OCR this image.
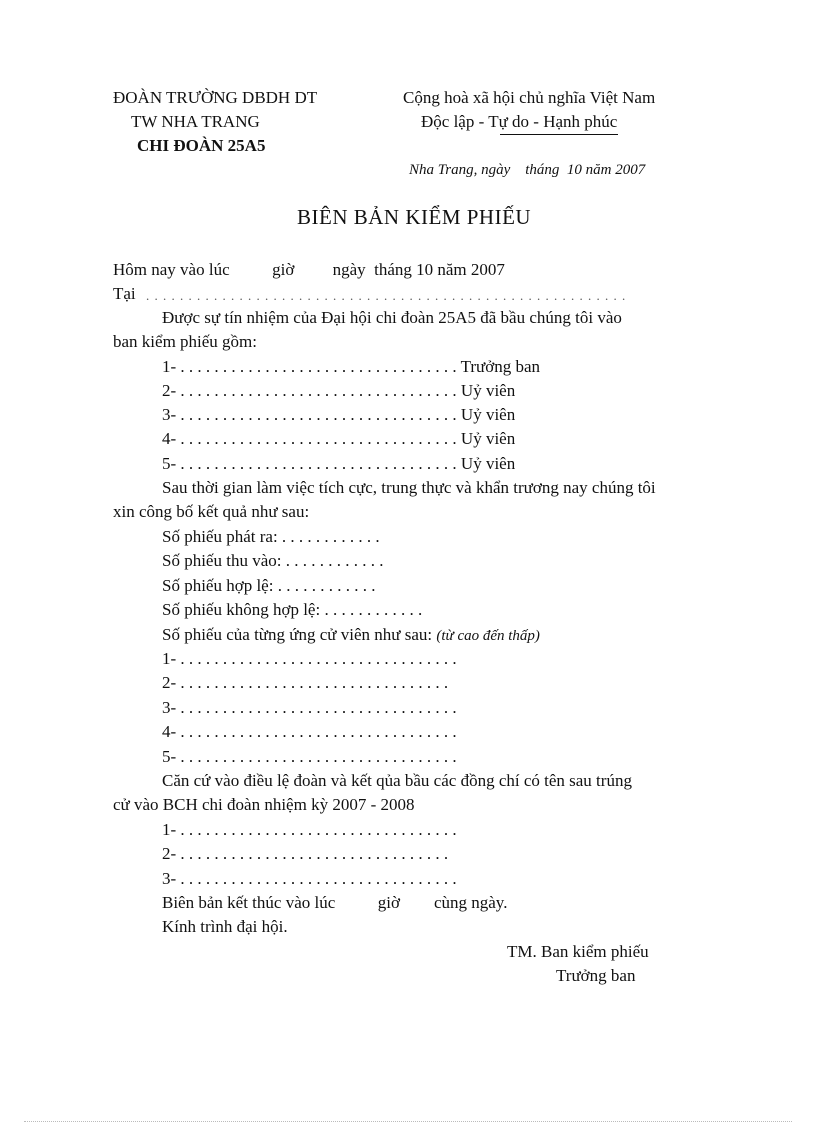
ĐOÀN TRƯỜNG DBDH DT
TW NHA TRANG
CHI ĐOÀN 25A5
Cộng hoà xã hội chủ nghĩa Việt Nam
Độc lập - Tự do - Hạnh phúc
Nha Trang, ngày    tháng  10 năm 2007
BIÊN BẢN KIỂM PHIẾU
Hôm nay vào lúc          giờ         ngày  tháng 10 năm 2007
Tại . . . . . . . . . . . . . . . . . . . . . . . . . . . . . . . . . . . . . . . . . . . . . . . . . . . . . . . . .
Được sự tín nhiệm của Đại hội chi đoàn 25A5 đã bầu chúng tôi vào
ban kiểm phiếu gồm:
1- . . . . . . . . . . . . . . . . . . . . . . . . . . . . . . . . . Trưởng ban
2- . . . . . . . . . . . . . . . . . . . . . . . . . . . . . . . . . Uỷ viên
3- . . . . . . . . . . . . . . . . . . . . . . . . . . . . . . . . . Uỷ viên
4- . . . . . . . . . . . . . . . . . . . . . . . . . . . . . . . . . Uỷ viên
5- . . . . . . . . . . . . . . . . . . . . . . . . . . . . . . . . . Uỷ viên
Sau thời gian làm việc tích cực, trung thực và khẩn trương nay chúng tôi
xin công bố kết quả như sau:
Số phiếu phát ra: . . . . . . . . . . . .
Số phiếu thu vào: . . . . . . . . . . . .
Số phiếu hợp lệ: . . . . . . . . . . . .
Số phiếu không hợp lệ: . . . . . . . . . . . .
Số phiếu của từng ứng cử viên như sau: (từ cao đến thấp)
1- . . . . . . . . . . . . . . . . . . . . . . . . . . . . . . . . .
2- . . . . . . . . . . . . . . . . . . . . . . . . . . . . . . . .
3- . . . . . . . . . . . . . . . . . . . . . . . . . . . . . . . . .
4- . . . . . . . . . . . . . . . . . . . . . . . . . . . . . . . . .
5- . . . . . . . . . . . . . . . . . . . . . . . . . . . . . . . . .
Căn cứ vào điều lệ đoàn và kết qủa bầu các đồng chí có tên sau trúng
cử vào BCH chi đoàn nhiệm kỳ 2007 - 2008
1- . . . . . . . . . . . . . . . . . . . . . . . . . . . . . . . . .
2- . . . . . . . . . . . . . . . . . . . . . . . . . . . . . . . .
3- . . . . . . . . . . . . . . . . . . . . . . . . . . . . . . . . .
Biên bản kết thúc vào lúc          giờ        cùng ngày.
Kính trình đại hội.
TM. Ban kiểm phiếu
Trưởng ban
